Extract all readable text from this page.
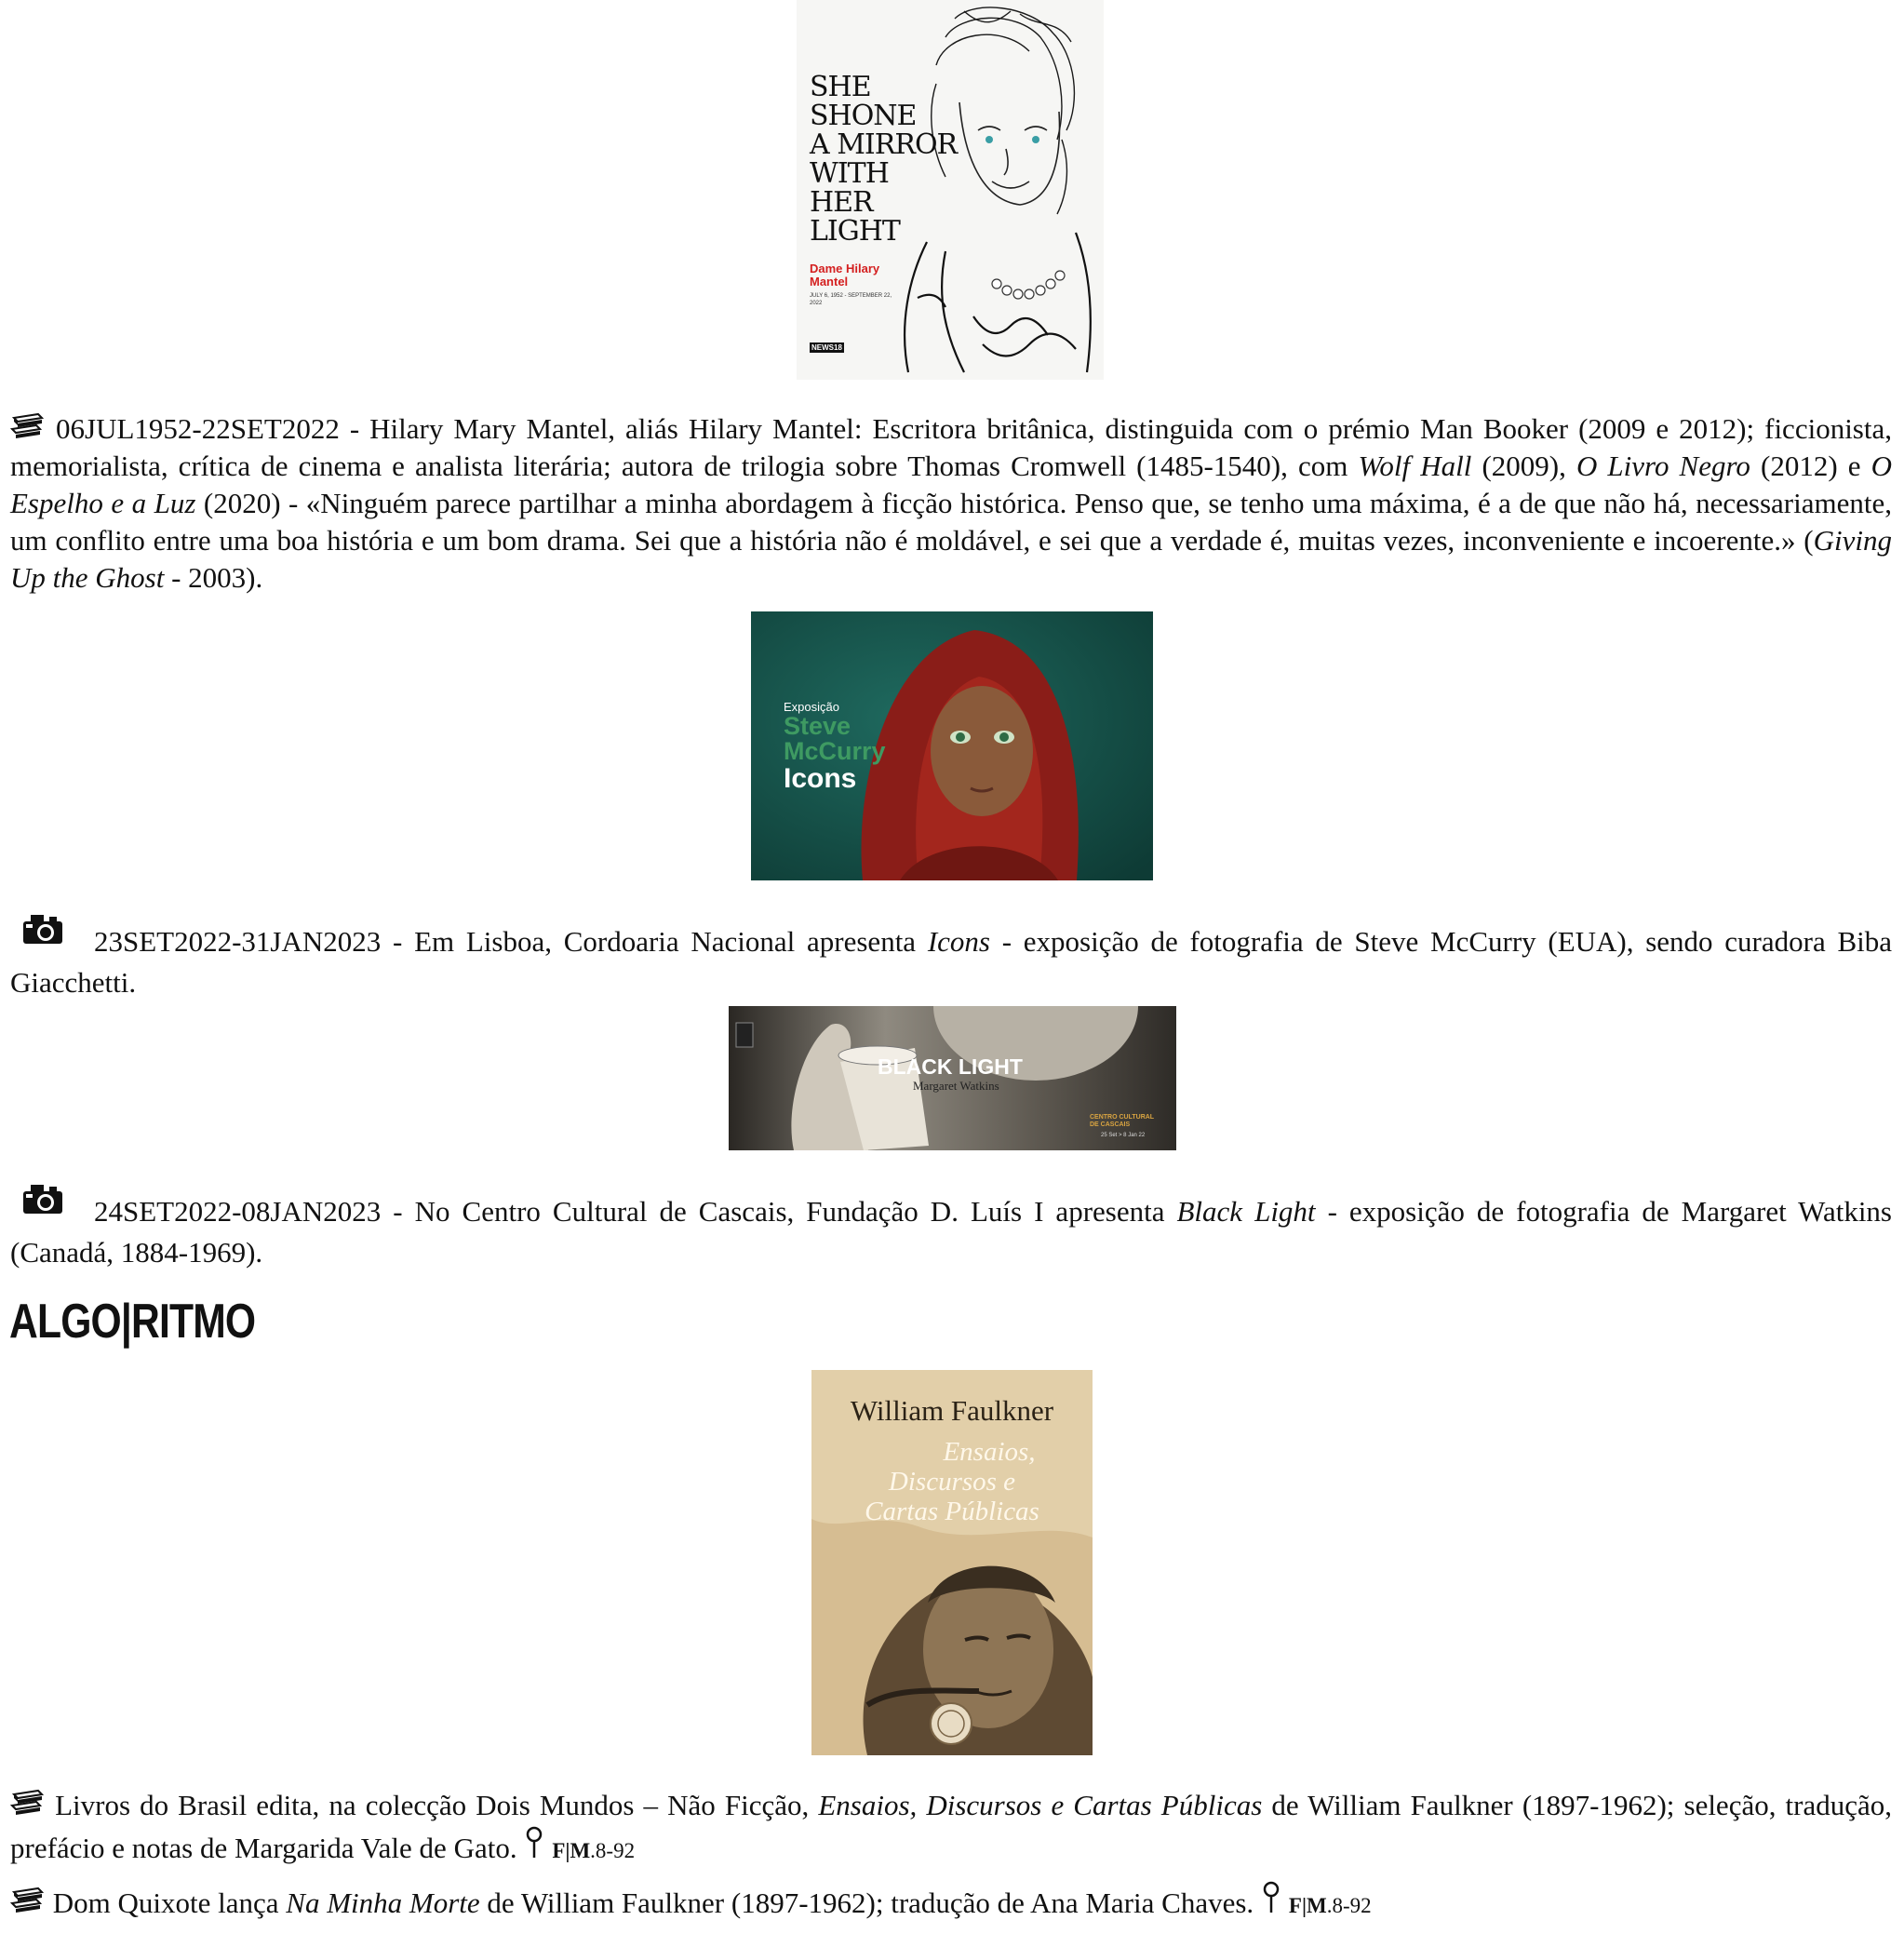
SHE
SHONE
A MIRROR
WITH
HER
LIGHT
Dame Hilary Mantel
JULY 6, 1952 - SEPTEMBER 22, 2022
NEWS18
06JUL1952-22SET2022 - Hilary Mary Mantel, aliás Hilary Mantel: Escritora britânica, distinguida com o prémio Man Booker (2009 e 2012); ficcionista, memorialista, crítica de cinema e analista literária; autora de trilogia sobre Thomas Cromwell (1485-1540), com Wolf Hall (2009), O Livro Negro (2012) e O Espelho e a Luz (2020) - «Ninguém parece partilhar a minha abordagem à ficção histórica. Penso que, se tenho uma máxima, é a de que não há, necessariamente, um conflito entre uma boa história e um bom drama. Sei que a história não é moldável, e sei que a verdade é, muitas vezes, inconveniente e incoerente.» (Giving Up the Ghost - 2003).
Exposição
Steve
McCurry
Icons
23SET2022-31JAN2023 - Em Lisboa, Cordoaria Nacional apresenta Icons - exposição de fotografia de Steve McCurry (EUA), sendo curadora Biba Giacchetti.
BLACK LIGHT
Margaret Watkins
CENTRO CULTURAL DE CASCAIS
25 Set > 8 Jan 22
24SET2022-08JAN2023 - No Centro Cultural de Cascais, Fundação D. Luís I apresenta Black Light - exposição de fotografia de Margaret Watkins (Canadá, 1884-1969).
ALGO|RITMO
William Faulkner
Ensaios,
Discursos e
Cartas Públicas
Livros do Brasil edita, na colecção Dois Mundos – Não Ficção, Ensaios, Discursos e Cartas Públicas de William Faulkner (1897-1962); seleção, tradução, prefácio e notas de Margarida Vale de Gato. F|M.8-92
Dom Quixote lança Na Minha Morte de William Faulkner (1897-1962); tradução de Ana Maria Chaves. F|M.8-92
